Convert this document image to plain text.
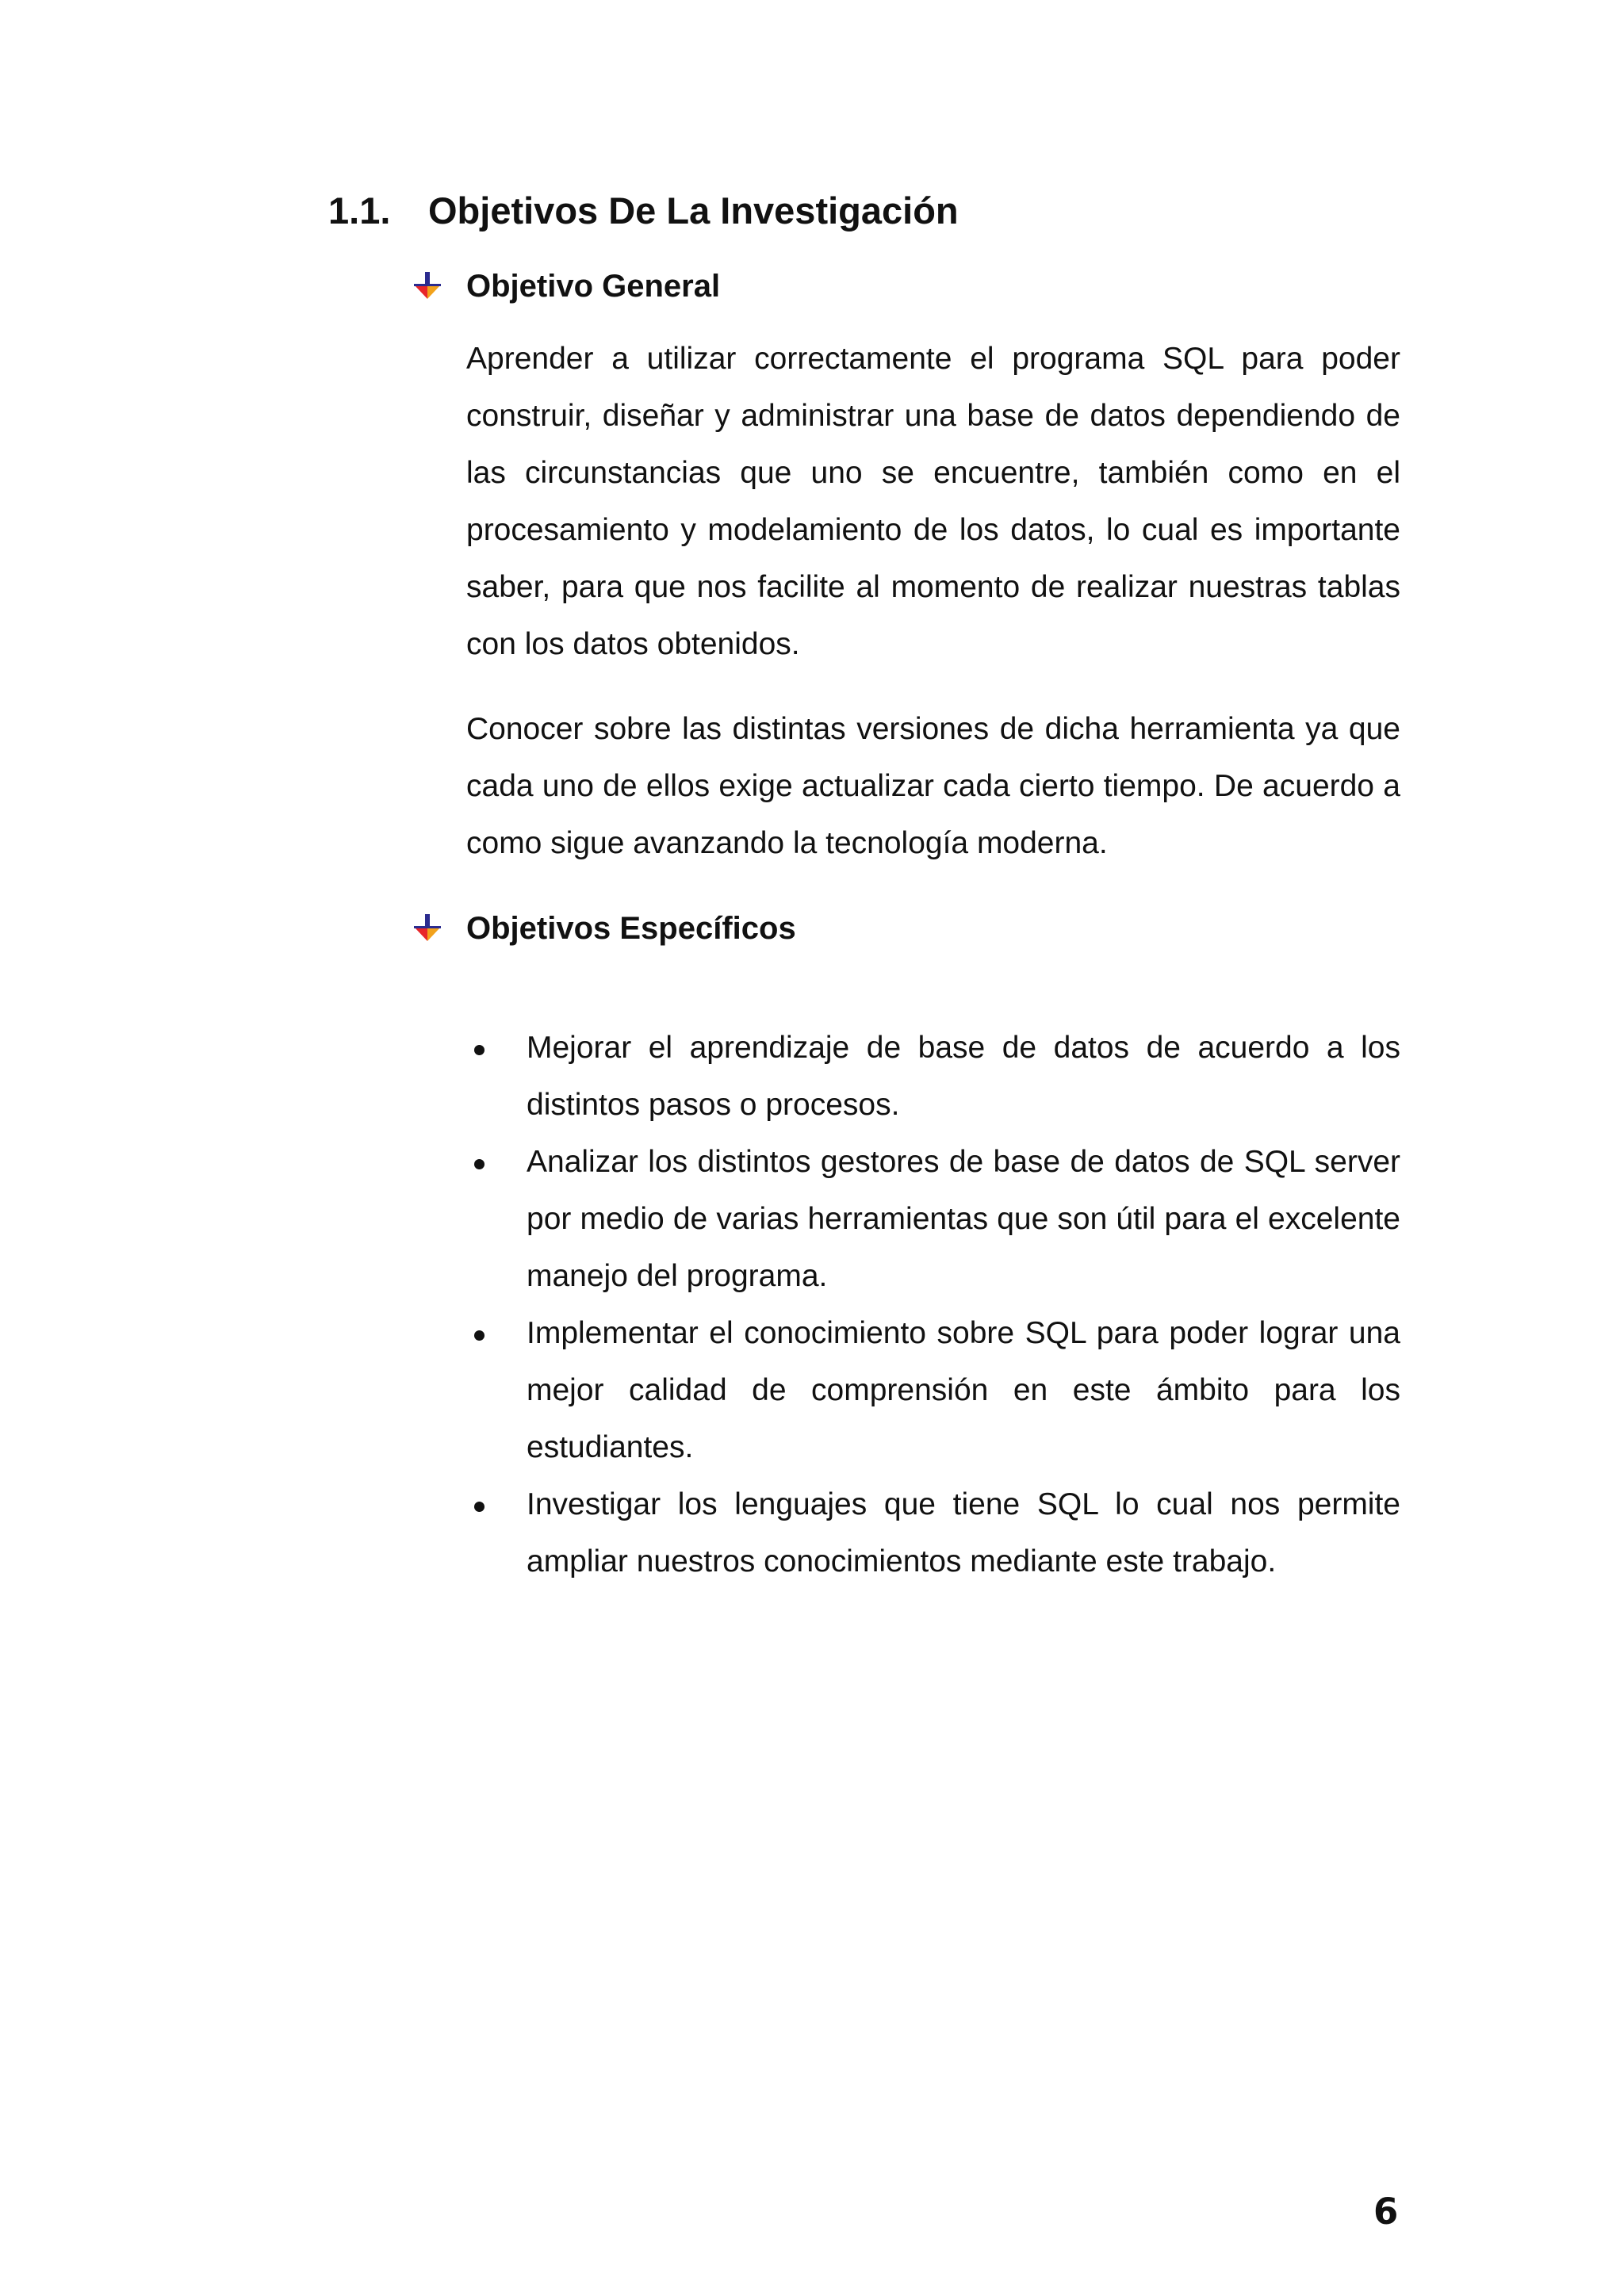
1.1. Objetivos De La Investigación
Objetivo General

Aprender a utilizar correctamente el programa SQL para poder construir, diseñar y administrar una base de datos dependiendo de las circunstancias que uno se encuentre, también como en el procesamiento y modelamiento de los datos, lo cual es importante saber, para que nos facilite al momento de realizar nuestras tablas con los datos obtenidos.

Conocer sobre las distintas versiones de dicha herramienta ya que cada uno de ellos exige actualizar cada cierto tiempo. De acuerdo a como sigue avanzando la tecnología moderna.

Objetivos Específicos
Mejorar el aprendizaje de base de datos de acuerdo a los distintos pasos o procesos.
Analizar los distintos gestores de base de datos de SQL server por medio de varias herramientas que son útil para el excelente manejo del programa.
Implementar el conocimiento sobre SQL para poder lograr una mejor calidad de comprensión en este ámbito para los estudiantes.
Investigar los lenguajes que tiene SQL lo cual nos permite ampliar nuestros conocimientos mediante este trabajo.
6
